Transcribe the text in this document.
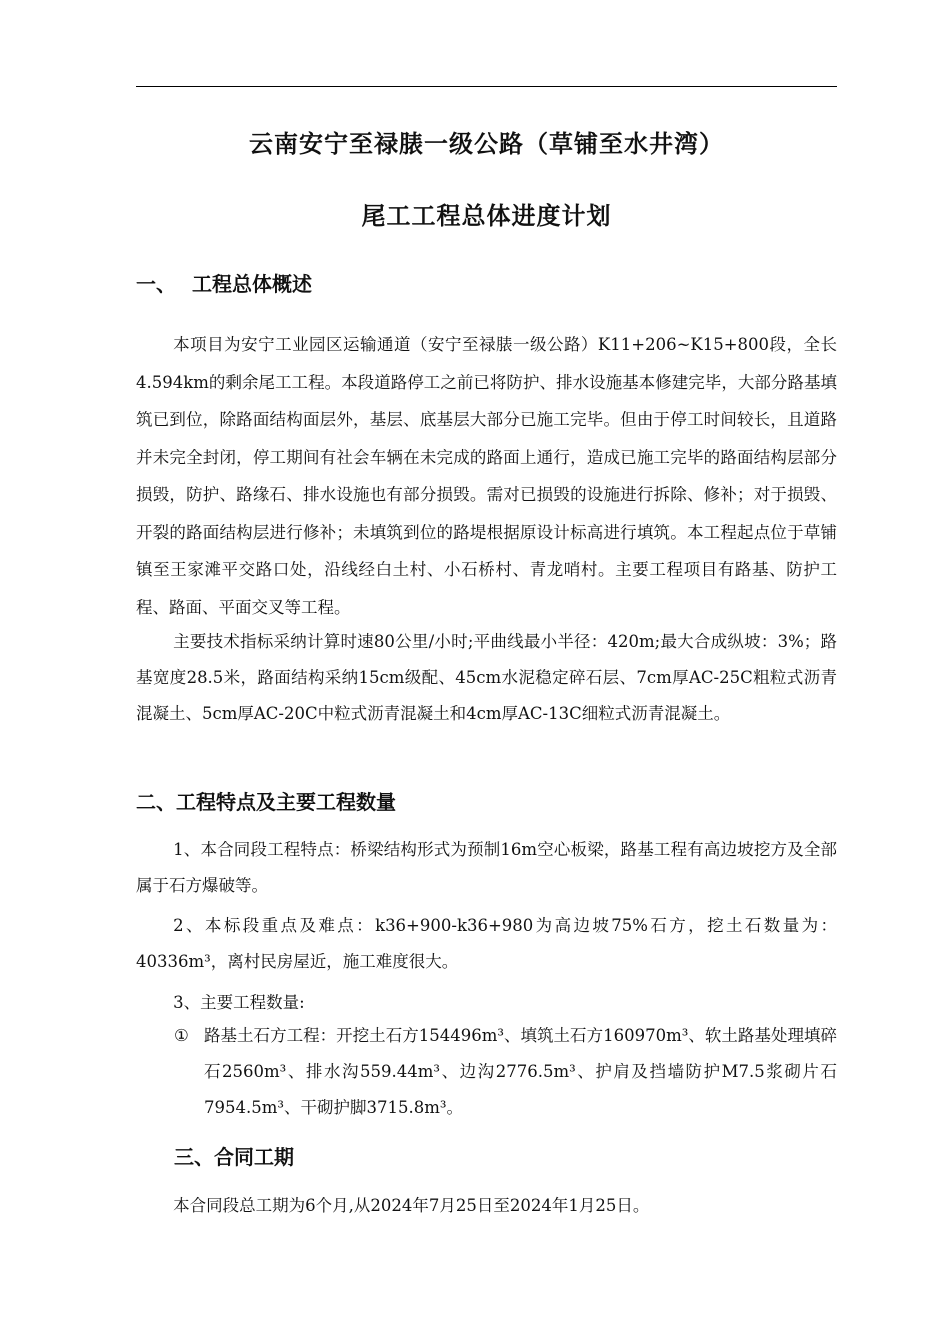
云南安宁至禄脿一级公路（草铺至水井湾）
尾工工程总体进度计划
一、 工程总体概述
本项目为安宁工业园区运输通道（安宁至禄脿一级公路）K11+206~K15+800段，全长4.594km的剩余尾工工程。本段道路停工之前已将防护、排水设施基本修建完毕，大部分路基填筑已到位，除路面结构面层外，基层、底基层大部分已施工完毕。但由于停工时间较长，且道路并未完全封闭，停工期间有社会车辆在未完成的路面上通行，造成已施工完毕的路面结构层部分损毁，防护、路缘石、排水设施也有部分损毁。需对已损毁的设施进行拆除、修补；对于损毁、开裂的路面结构层进行修补；未填筑到位的路堤根据原设计标高进行填筑。本工程起点位于草铺镇至王家滩平交路口处，沿线经白土村、小石桥村、青龙哨村。主要工程项目有路基、防护工程、路面、平面交叉等工程。
主要技术指标采纳计算时速80公里/小时;平曲线最小半径：420m;最大合成纵坡：3%；路基宽度28.5米，路面结构采纳15cm级配、45cm水泥稳定碎石层、7cm厚AC-25C粗粒式沥青混凝土、5cm厚AC-20C中粒式沥青混凝土和4cm厚AC-13C细粒式沥青混凝土。
二、工程特点及主要工程数量
1、本合同段工程特点：桥梁结构形式为预制16m空心板梁，路基工程有高边坡挖方及全部属于石方爆破等。
2、本标段重点及难点：k36+900-k36+980为高边坡75%石方，挖土石数量为：40336m³，离村民房屋近，施工难度很大。
3、主要工程数量:
① 路基土石方工程：开挖土石方154496m³、填筑土石方160970m³、软土路基处理填碎石2560m³、排水沟559.44m³、边沟2776.5m³、护肩及挡墙防护M7.5浆砌片石7954.5m³、干砌护脚3715.8m³。
三、合同工期
本合同段总工期为6个月,从2024年7月25日至2024年1月25日。
